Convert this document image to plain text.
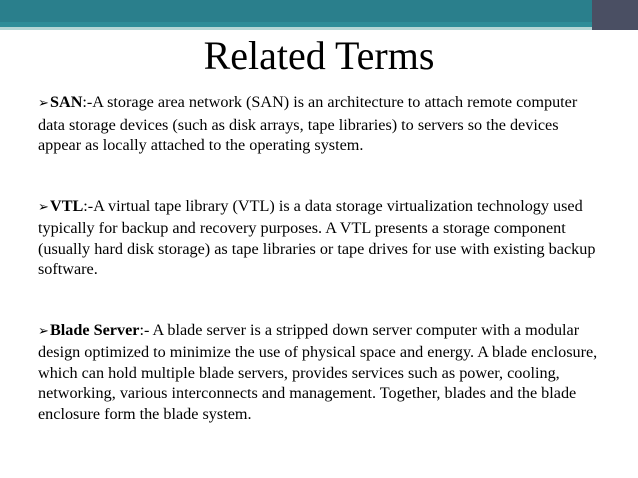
Related Terms

➢SAN:-A storage area network (SAN) is an architecture to attach remote computer data storage devices (such as disk arrays, tape libraries) to servers so the devices appear as locally attached to the operating system.

➢VTL:-A virtual tape library (VTL) is a data storage virtualization technology used typically for backup and recovery purposes. A VTL presents a storage component (usually hard disk storage) as tape libraries or tape drives for use with existing backup software.

➢Blade Server:- A blade server is a stripped down server computer with a modular design optimized to minimize the use of physical space and energy. A blade enclosure, which can hold multiple blade servers, provides services such as power, cooling, networking, various interconnects and management. Together, blades and the blade enclosure form the blade system.
